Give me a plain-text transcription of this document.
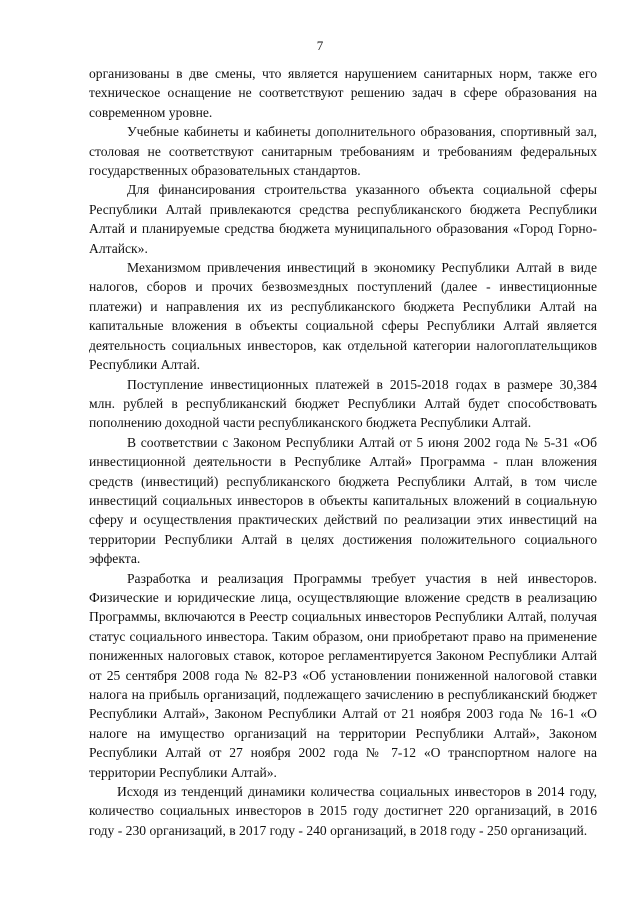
7

организованы в две смены, что является нарушением санитарных норм, также его техническое оснащение не соответствуют решению задач в сфере образования на современном уровне.

Учебные кабинеты и кабинеты дополнительного образования, спортивный зал, столовая не соответствуют санитарным требованиям и требованиям федеральных государственных образовательных стандартов.

Для финансирования строительства указанного объекта социальной сферы Республики Алтай привлекаются средства республиканского бюджета Республики Алтай и планируемые средства бюджета муниципального образования «Город Горно-Алтайск».

Механизмом привлечения инвестиций в экономику Республики Алтай в виде налогов, сборов и прочих безвозмездных поступлений (далее - инвестиционные платежи) и направления их из республиканского бюджета Республики Алтай на капитальные вложения в объекты социальной сферы Республики Алтай является деятельность социальных инвесторов, как отдельной категории налогоплательщиков Республики Алтай.

Поступление инвестиционных платежей в 2015-2018 годах в размере 30,384 млн. рублей в республиканский бюджет Республики Алтай будет способствовать пополнению доходной части республиканского бюджета Республики Алтай.

В соответствии с Законом Республики Алтай от 5 июня 2002 года № 5-31 «Об инвестиционной деятельности в Республике Алтай» Программа - план вложения средств (инвестиций) республиканского бюджета Республики Алтай, в том числе инвестиций социальных инвесторов в объекты капитальных вложений в социальную сферу и осуществления практических действий по реализации этих инвестиций на территории Республики Алтай в целях достижения положительного социального эффекта.

Разработка и реализация Программы требует участия в ней инвесторов. Физические и юридические лица, осуществляющие вложение средств в реализацию Программы, включаются в Реестр социальных инвесторов Республики Алтай, получая статус социального инвестора. Таким образом, они приобретают право на применение пониженных налоговых ставок, которое регламентируется Законом Республики Алтай от 25 сентября 2008 года № 82-РЗ «Об установлении пониженной налоговой ставки налога на прибыль организаций, подлежащего зачислению в республиканский бюджет Республики Алтай», Законом Республики Алтай от 21 ноября 2003 года № 16-1 «О налоге на имущество организаций на территории Республики Алтай», Законом Республики Алтай от 27 ноября 2002 года № 7-12 «О транспортном налоге на территории Республики Алтай».

Исходя из тенденций динамики количества социальных инвесторов в 2014 году, количество социальных инвесторов в 2015 году достигнет 220 организаций, в 2016 году - 230 организаций, в 2017 году - 240 организаций, в 2018 году - 250 организаций.
